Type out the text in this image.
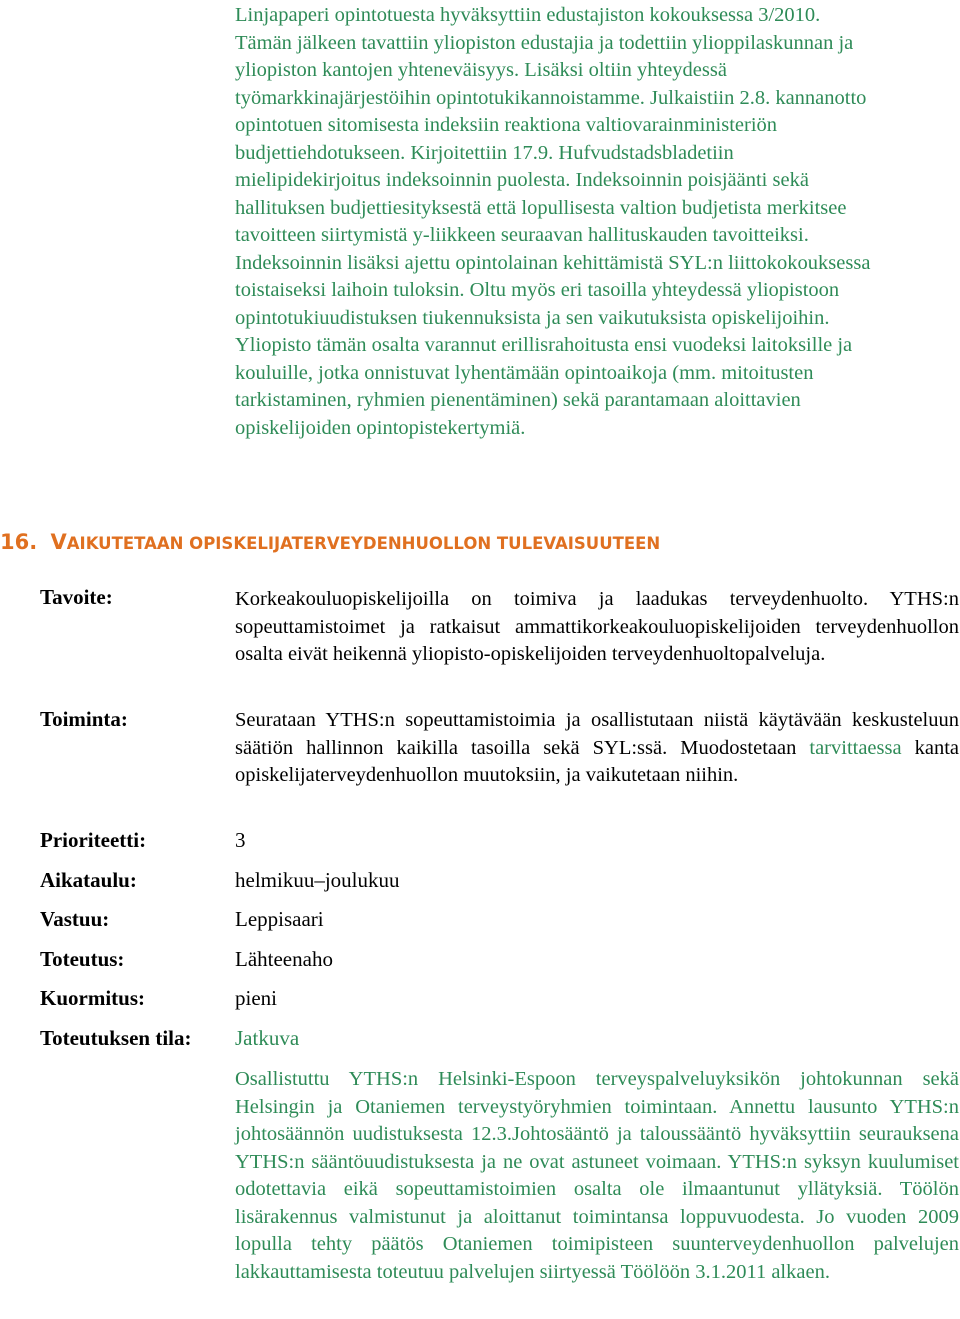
Linjapaperi opintotuesta hyväksyttiin edustajiston kokouksessa 3/2010.
Tämän jälkeen tavattiin yliopiston edustajia ja todettiin ylioppilaskunnan ja
yliopiston kantojen yhteneväisyys. Lisäksi oltiin yhteydessä
työmarkkinajärjestöihin opintotukikannoistamme. Julkaistiin 2.8. kannanotto
opintotuen sitomisesta indeksiin reaktiona valtiovarainministeriön
budjettiehdotukseen. Kirjoitettiin 17.9. Hufvudstadsbladetiin
mielipidekirjoitus indeksoinnin puolesta. Indeksoinnin poisjäänti sekä
hallituksen budjettiesityksestä että lopullisesta valtion budjetista merkitsee
tavoitteen siirtymistä y-liikkeen seuraavan hallituskauden tavoitteiksi.
Indeksoinnin lisäksi ajettu opintolainan kehittämistä SYL:n liittokokouksessa
toistaiseksi laihoin tuloksin. Oltu myös eri tasoilla yhteydessä yliopistoon
opintotukiuudistuksen tiukennuksista ja sen vaikutuksista opiskelijoihin.
Yliopisto tämän osalta varannut erillisrahoitusta ensi vuodeksi laitoksille ja
kouluille, jotka onnistuvat lyhentämään opintoaikoja (mm. mitoitusten
tarkistaminen, ryhmien pienentäminen) sekä parantamaan aloittavien
opiskelijoiden opintopistekertymiä.
16. VAIKUTETAAN OPISKELIJATERVEYDENHUOLLON TULEVAISUUTEEN
Tavoite:	Korkeakouluopiskelijoilla on toimiva ja laadukas terveydenhuolto. YTHS:n sopeuttamistoimet ja ratkaisut ammattikorkeakouluopiskelijoiden terveydenhuollon osalta eivät heikennä yliopisto-opiskelijoiden terveydenhuoltopalveluja.
Toiminta:	Seurataan YTHS:n sopeuttamistoimia ja osallistutaan niistä käytävään keskusteluun säätiön hallinnon kaikilla tasoilla sekä SYL:ssä. Muodostetaan tarvittaessa kanta opiskelijaterveydenhuollon muutoksiin, ja vaikutetaan niihin.
Prioriteetti:	3
Aikataulu:	helmikuu–joulukuu
Vastuu:	Leppisaari
Toteutus:	Lähteenaho
Kuormitus:	pieni
Toteutuksen tila: Jatkuva
Osallistuttu YTHS:n Helsinki-Espoon terveyspalveluyksikön johtokunnan sekä Helsingin ja Otaniemen terveystyöryhmien toimintaan. Annettu lausunto YTHS:n johtosäännön uudistuksesta 12.3.Johtosääntö ja taloussääntö hyväksyttiin seurauksena YTHS:n sääntöuudistuksesta ja ne ovat astuneet voimaan. YTHS:n syksyn kuulumiset odotettavia eikä sopeuttamistoimien osalta ole ilmaantunut yllätyksiä. Töölön lisärakennus valmistunut ja aloittanut toimintansa loppuvuodesta. Jo vuoden 2009 lopulla tehty päätös Otaniemen toimipisteen suunterveydenhuollon palvelujen lakkauttamisesta toteutuu palvelujen siirtyessä Töölöön 3.1.2011 alkaen.
